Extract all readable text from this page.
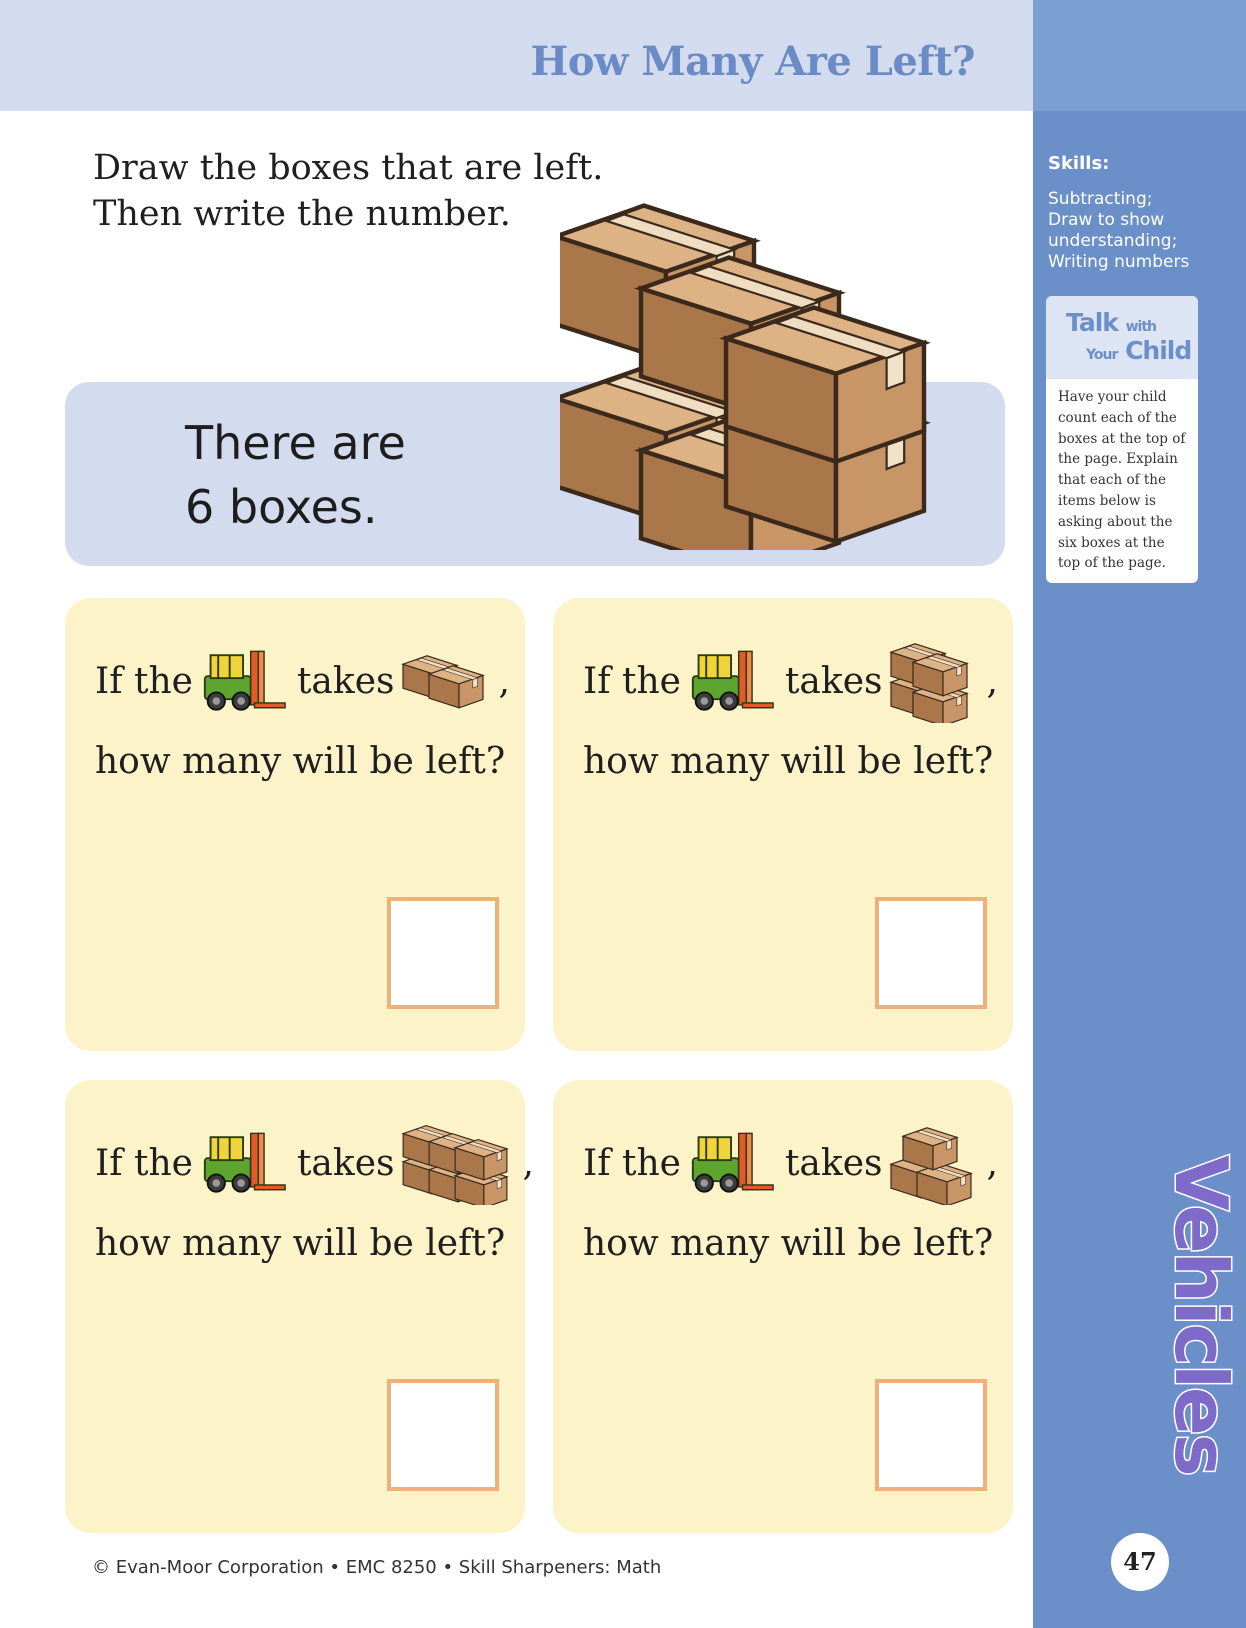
How Many Are Left?
Draw the boxes that are left.
Then write the number.
There are
6 boxes.
If the	takes	,
how many will be left?
If the	takes	,
how many will be left?
If the	takes	,
how many will be left?
If the	takes	,
how many will be left?
© Evan-Moor Corporation • EMC 8250 • Skill Sharpeners: Math
Skills:
Subtracting;
Draw to show
understanding;
Writing numbers
Talk with
Your Child
Have your child count each of the boxes at the top of the page. Explain that each of the items below is asking about the six boxes at the top of the page.
Vehicles
47
